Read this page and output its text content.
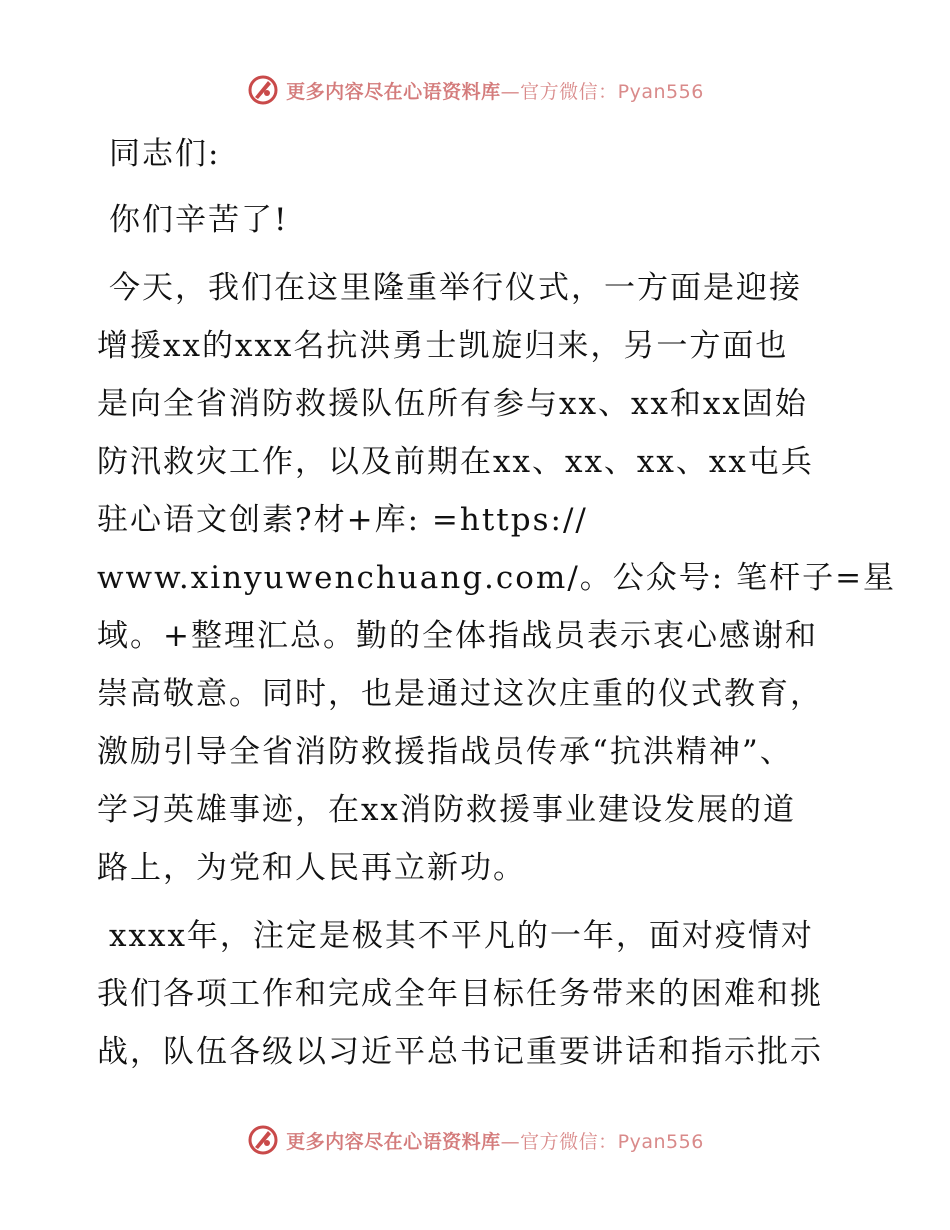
更多内容尽在心语资料库—官方微信：Pyan556
同志们:
你们辛苦了!
今天，我们在这里隆重举行仪式，一方面是迎接
增援xx的xxx名抗洪勇士凯旋归来，另一方面也
是向全省消防救援队伍所有参与xx、xx和xx固始
防汛救灾工作，以及前期在xx、xx、xx、xx屯兵
驻心语文创素?材+库: =https://
www.xinyuwenchuang.com/。公众号: 笔杆子=星
域。+整理汇总。勤的全体指战员表示衷心感谢和
崇高敬意。同时，也是通过这次庄重的仪式教育，
激励引导全省消防救援指战员传承“抗洪精神”、
学习英雄事迹，在xx消防救援事业建设发展的道
路上，为党和人民再立新功。
xxxx年，注定是极其不平凡的一年，面对疫情对
我们各项工作和完成全年目标任务带来的困难和挑
战，队伍各级以习近平总书记重要讲话和指示批示
更多内容尽在心语资料库—官方微信：Pyan556
